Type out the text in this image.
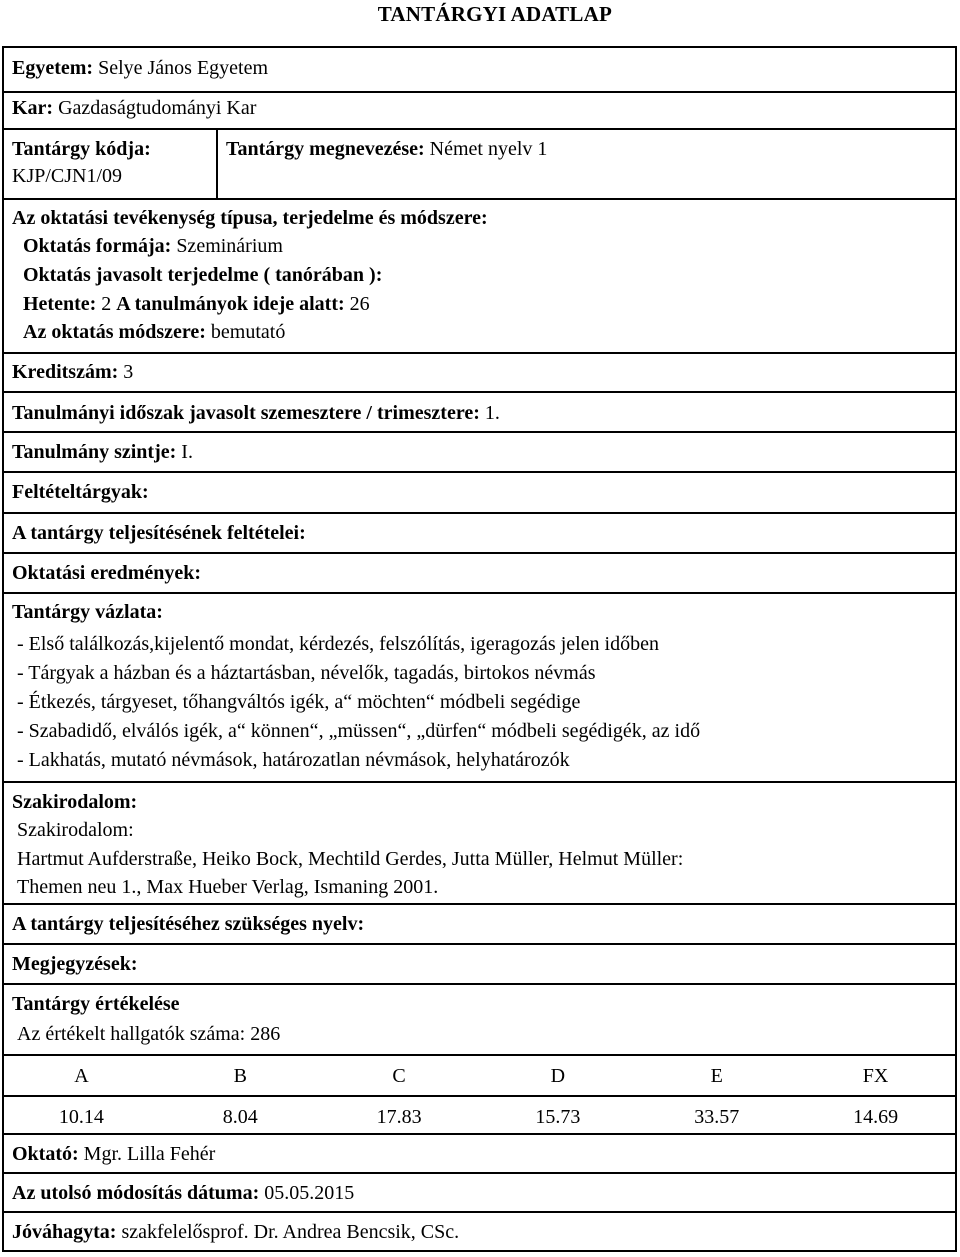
TANTÁRGYI ADATLAP
Egyetem: Selye János Egyetem
Kar: Gazdaságtudományi Kar
Tantárgy kódja:
KJP/CJN1/09
Tantárgy megnevezése: Német nyelv 1
Az oktatási tevékenység típusa, terjedelme és módszere:
Oktatás formája: Szeminárium
Oktatás javasolt terjedelme ( tanórában ):
Hetente: 2 A tanulmányok ideje alatt: 26
Az oktatás módszere: bemutató
Kreditszám: 3
Tanulmányi időszak javasolt szemesztere / trimesztere: 1.
Tanulmány szintje: I.
Feltételtárgyak:
A tantárgy teljesítésének feltételei:
Oktatási eredmények:
Tantárgy vázlata:
- Első találkozás,kijelentő mondat, kérdezés, felszólítás, igeragozás jelen időben
- Tárgyak a házban és a háztartásban, névelők, tagadás, birtokos névmás
- Étkezés, tárgyeset, tőhangváltós igék, a“ möchten“ módbeli segédige
- Szabadidő, elválós igék, a“ können“, „müssen“, „dürfen“ módbeli segédigék, az idő
- Lakhatás, mutató névmások, határozatlan névmások, helyhatározók
Szakirodalom:
Szakirodalom:
Hartmut Aufderstraße, Heiko Bock, Mechtild Gerdes, Jutta Müller, Helmut Müller:
Themen neu 1., Max Hueber Verlag, Ismaning 2001.
A tantárgy teljesítéséhez szükséges nyelv:
Megjegyzések:
Tantárgy értékelése
Az értékelt hallgatók száma: 286
Oktató: Mgr. Lilla Fehér
Az utolsó módosítás dátuma: 05.05.2015
Jóváhagyta: szakfelelősprof. Dr. Andrea Bencsik, CSc.
A	B	C	D	E	FX
10.14	8.04	17.83	15.73	33.57	14.69
